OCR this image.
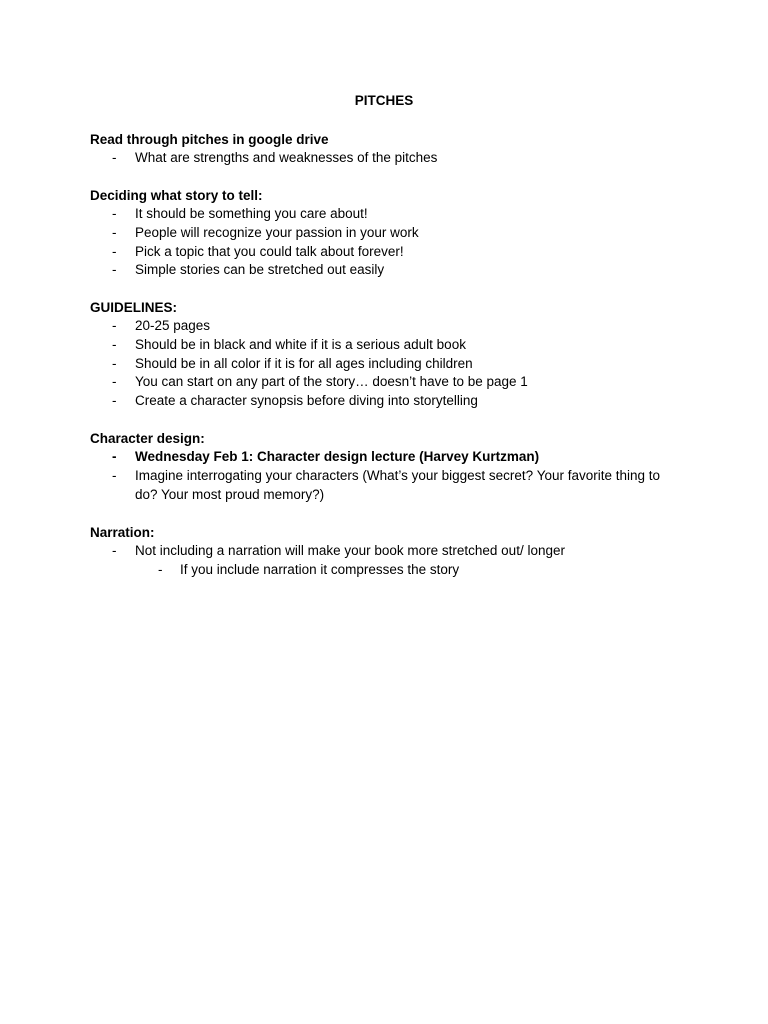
PITCHES
Read through pitches in google drive
- What are strengths and weaknesses of the pitches
Deciding what story to tell:
- It should be something you care about!
- People will recognize your passion in your work
- Pick a topic that you could talk about forever!
- Simple stories can be stretched out easily
GUIDELINES:
- 20-25 pages
- Should be in black and white if it is a serious adult book
- Should be in all color if it is for all ages including children
- You can start on any part of the story… doesn’t have to be page 1
- Create a character synopsis before diving into storytelling
Character design:
- Wednesday Feb 1: Character design lecture (Harvey Kurtzman)
- Imagine interrogating your characters (What’s your biggest secret? Your favorite thing to do? Your most proud memory?)
Narration:
- Not including a narration will make your book more stretched out/ longer
- If you include narration it compresses the story
